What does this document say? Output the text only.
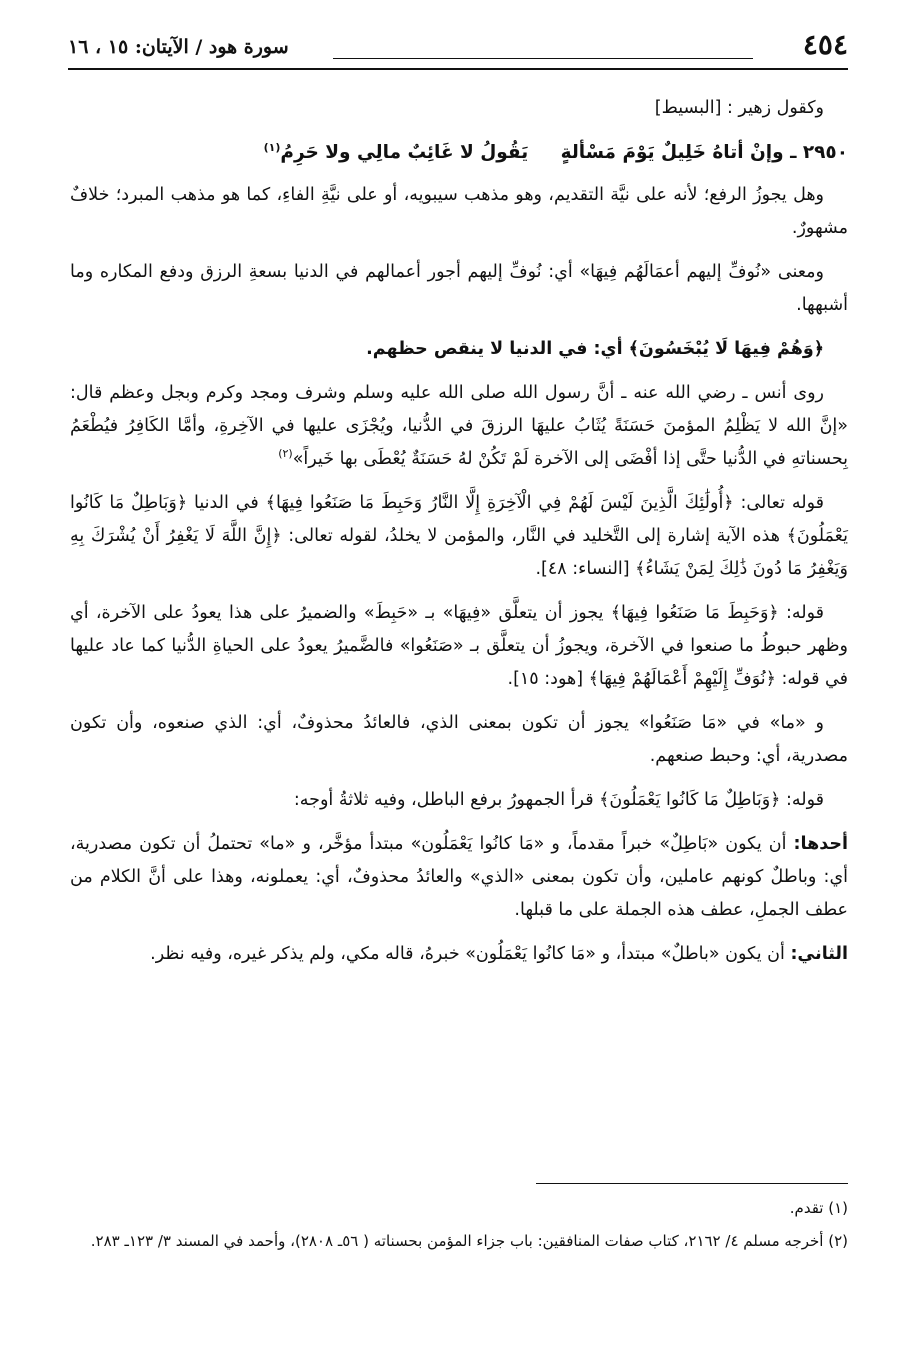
٤٥٤
سورة هود / الآيتان: ١٥ ، ١٦

وكقول زهير : [البسيط]

٢٩٥٠ ـ وإنْ أتاهُ خَلِيلٌ يَوْمَ مَسْألةٍ يَقُولُ لا غَائِبٌ مالِي ولا حَرِمُ$^{(١)}$

وهل يجوزُ الرفع؛ لأنه على نيَّة التقديم، وهو مذهب سيبويه، أو على نيَّةِ الفاءِ، كما هو مذهب المبرد؛ خلافٌ مشهورٌ.

ومعنى «نُوفِّ إليهم أعمَالَهُم فِيهَا» أي: نُوفِّ إليهم أجور أعمالهم في الدنيا بسعةِ الرزق ودفع المكاره وما أشبهها.

﴿وَهُمْ فِيهَا لَا يُبْخَسُونَ﴾ أي: في الدنيا لا ينقص حظهم.

روى أنس ـ رضي الله عنه ـ أنَّ رسول الله صلى الله عليه وسلم وشرف ومجد وكرم وبجل وعظم قال: «إنَّ الله لا يَظْلِمُ المؤمنَ حَسَنَةً يُثَابُ عليهَا الرزقَ في الدُّنيا، ويُجْزَى عليها في الآخِرةِ، وأمَّا الكَافِرُ فيُطْعَمُ بِحسناتهِ في الدُّنيا حتَّى إذا أفْضَى إلى الآخرة لَمْ تَكُنْ لهُ حَسَنَةٌ يُعْطَى بها خَيراً»$^{(٢)}$

قوله تعالى: ﴿أُولَٰئِكَ الَّذِينَ لَيْسَ لَهُمْ فِي الْآخِرَةِ إِلَّا النَّارُ وَحَبِطَ مَا صَنَعُوا فِيهَا﴾ في الدنيا ﴿وَبَاطِلٌ مَا كَانُوا يَعْمَلُونَ﴾ هذه الآية إشارة إلى التَّخليد في النَّار، والمؤمن لا يخلدُ، لقوله تعالى: ﴿إِنَّ اللَّهَ لَا يَغْفِرُ أَنْ يُشْرَكَ بِهِ وَيَغْفِرُ مَا دُونَ ذَٰلِكَ لِمَنْ يَشَاءُ﴾ [النساء: ٤٨].

قوله: ﴿وَحَبِطَ مَا صَنَعُوا فِيهَا﴾ يجوز أن يتعلَّق «فِيهَا» بـ «حَبِطَ» والضميرُ على هذا يعودُ على الآخرة، أي وظهر حبوطُ ما صنعوا في الآخرة، ويجوزُ أن يتعلَّق بـ «صَنَعُوا» فالضَّميرُ يعودُ على الحياةِ الدُّنيا كما عاد عليها في قوله: ﴿نُوَفِّ إِلَيْهِمْ أَعْمَالَهُمْ فِيهَا﴾ [هود: ١٥].

و «ما» في «مَا صَنَعُوا» يجوز أن تكون بمعنى الذي، فالعائدُ محذوفٌ، أي: الذي صنعوه، وأن تكون مصدرية، أي: وحبط صنعهم.

قوله: ﴿وَبَاطِلٌ مَا كَانُوا يَعْمَلُونَ﴾ قرأ الجمهورُ برفع الباطل، وفيه ثلاثةُ أوجه:

أحدها: أن يكون «بَاطِلٌ» خبراً مقدماً، و «مَا كانُوا يَعْمَلُون» مبتدأ مؤخَّر، و «ما» تحتملُ أن تكون مصدرية، أي: وباطلٌ كونهم عاملين، وأن تكون بمعنى «الذي» والعائدُ محذوفٌ، أي: يعملونه، وهذا على أنَّ الكلام من عطف الجملِ، عطف هذه الجملة على ما قبلها.

الثاني: أن يكون «باطلٌ» مبتدأ، و «مَا كانُوا يَعْمَلُون» خبرهُ، قاله مكي، ولم يذكر غيره، وفيه نظر.

(١) تقدم.

(٢) أخرجه مسلم ٤/ ٢١٦٢، كتاب صفات المنافقين: باب جزاء المؤمن بحسناته ( ٥٦ـ ٢٨٠٨)، وأحمد في المسند ٣/ ١٢٣ـ ٢٨٣.
